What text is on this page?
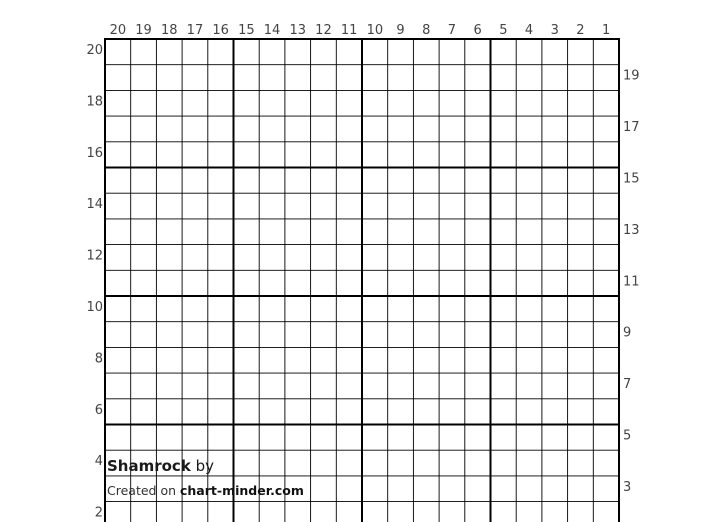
20 19 18 17 16 15 14 13 12 11 10 9 8 7 6 5 4 3 2 1
20
18
16
14
12
10
8
6
4
2
19
17
15
13
11
9
7
5
3
Shamrock by
Created on chart-minder.com
